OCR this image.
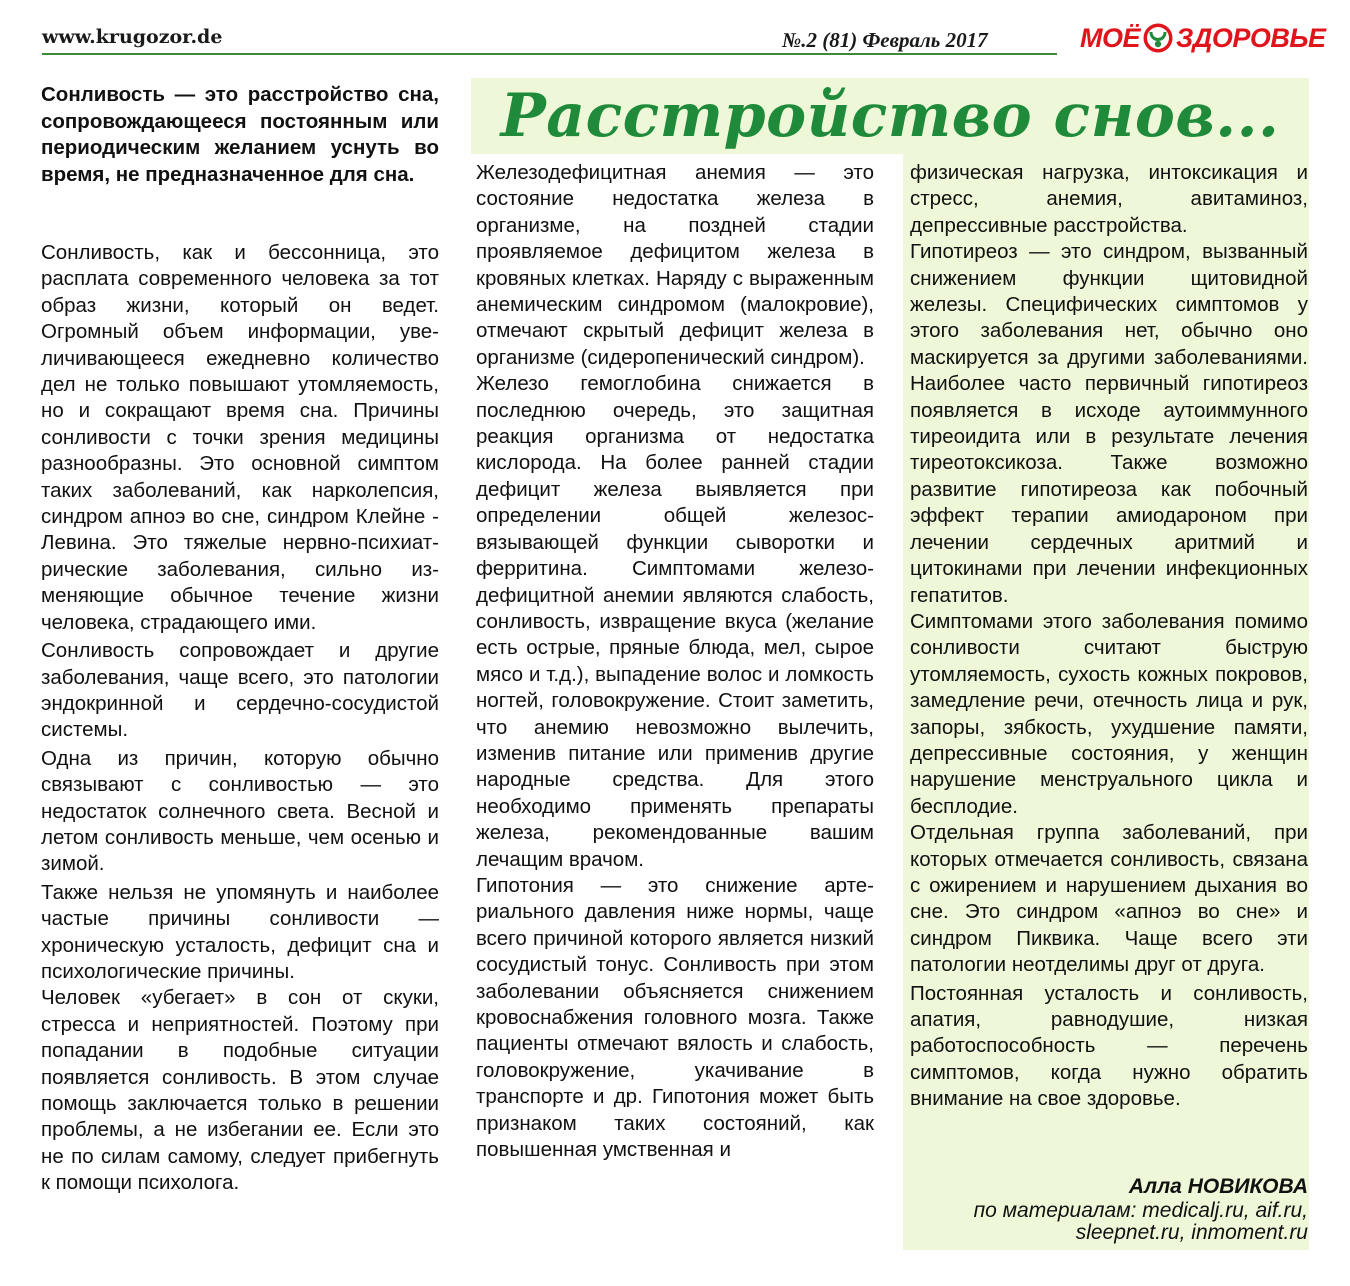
www.krugozor.de	№.2 (81) Февраль 2017	МОЁ ЗДОРОВЬЕ
Расстройство снов...
Сонливость — это расстройство сна, сопровождающееся постоянным или периодическим желанием уснуть во время, не предназначенное для сна.

Сонливость, как и бессонница, это расплата современного человека за тот образ жизни, который он ведет. Огромный объем информации, увеличивающееся ежедневно количество дел не только повышают утомляемость, но и сокращают время сна. Причины сонливости с точки зрения медицины разнообразны. Это основной симптом таких заболеваний, как нарколепсия, синдром апноэ во сне, синдром Клейне - Левина. Это тяжелые нервно-психиатрические заболевания, сильно изменяющие обычное течение жизни человека, страдающего ими.

Сонливость сопровождает и другие заболевания, чаще всего, это патологии эндокринной и сердечно-сосудистой системы.

Одна из причин, которую обычно связывают с сонливостью — это недостаток солнечного света. Весной и летом сонливость меньше, чем осенью и зимой.

Также нельзя не упомянуть и наиболее частые причины сонливости — хроническую усталость, дефицит сна и психологические причины.

Человек «убегает» в сон от скуки, стресса и неприятностей. Поэтому при попадании в подобные ситуации появляется сонливость. В этом случае помощь заключается только в решении проблемы, а не избегании ее. Если это не по силам самому, следует прибегнуть к помощи психолога.

Железодефицитная анемия — это состояние недостатка железа в организме, на поздней стадии проявляемое дефицитом железа в кровяных клетках. Наряду с выраженным анемическим синдромом (малокровие), отмечают скрытый дефицит железа в организме (сидеропенический синдром).

Железо гемоглобина снижается в последнюю очередь, это защитная реакция организма от недостатка кислорода. На более ранней стадии дефицит железа выявляется при определении общей железосвязывающей функции сыворотки и ферритина. Симптомами железодефицитной анемии являются слабость, сонливость, извращение вкуса (желание есть острые, пряные блюда, мел, сырое мясо и т.д.), выпадение волос и ломкость ногтей, головокружение. Стоит заметить, что анемию невозможно вылечить, изменив питание или применив другие народные средства. Для этого необходимо применять препараты железа, рекомендованные вашим лечащим врачом.

Гипотония — это снижение артериального давления ниже нормы, чаще всего причиной которого является низкий сосудистый тонус. Сонливость при этом заболевании объясняется снижением кровоснабжения головного мозга. Также пациенты отмечают вялость и слабость, головокружение, укачивание в транспорте и др. Гипотония может быть признаком таких состояний, как повышенная умственная и

физическая нагрузка, интоксикация и стресс, анемия, авитаминоз, депрессивные расстройства.

Гипотиреоз — это синдром, вызванный снижением функции щитовидной железы. Специфических симптомов у этого заболевания нет, обычно оно маскируется за другими заболеваниями. Наиболее часто первичный гипотиреоз появляется в исходе аутоиммунного тиреоидита или в результате лечения тиреотоксикоза. Также возможно развитие гипотиреоза как побочный эффект терапии амиодароном при лечении сердечных аритмий и цитокинами при лечении инфекционных гепатитов.

Симптомами этого заболевания помимо сонливости считают быструю утомляемость, сухость кожных покровов, замедление речи, отечность лица и рук, запоры, зябкость, ухудшение памяти, депрессивные состояния, у женщин нарушение менструального цикла и бесплодие.

Отдельная группа заболеваний, при которых отмечается сонливость, связана с ожирением и нарушением дыхания во сне. Это синдром «апноэ во сне» и синдром Пиквика. Чаще всего эти патологии неотделимы друг от друга.

Постоянная усталость и сонливость, апатия, равнодушие, низкая работоспособность — перечень симптомов, когда нужно обратить внимание на свое здоровье.

Алла НОВИКОВА
по материалам: medicalj.ru, aif.ru,
sleepnet.ru, inmoment.ru
